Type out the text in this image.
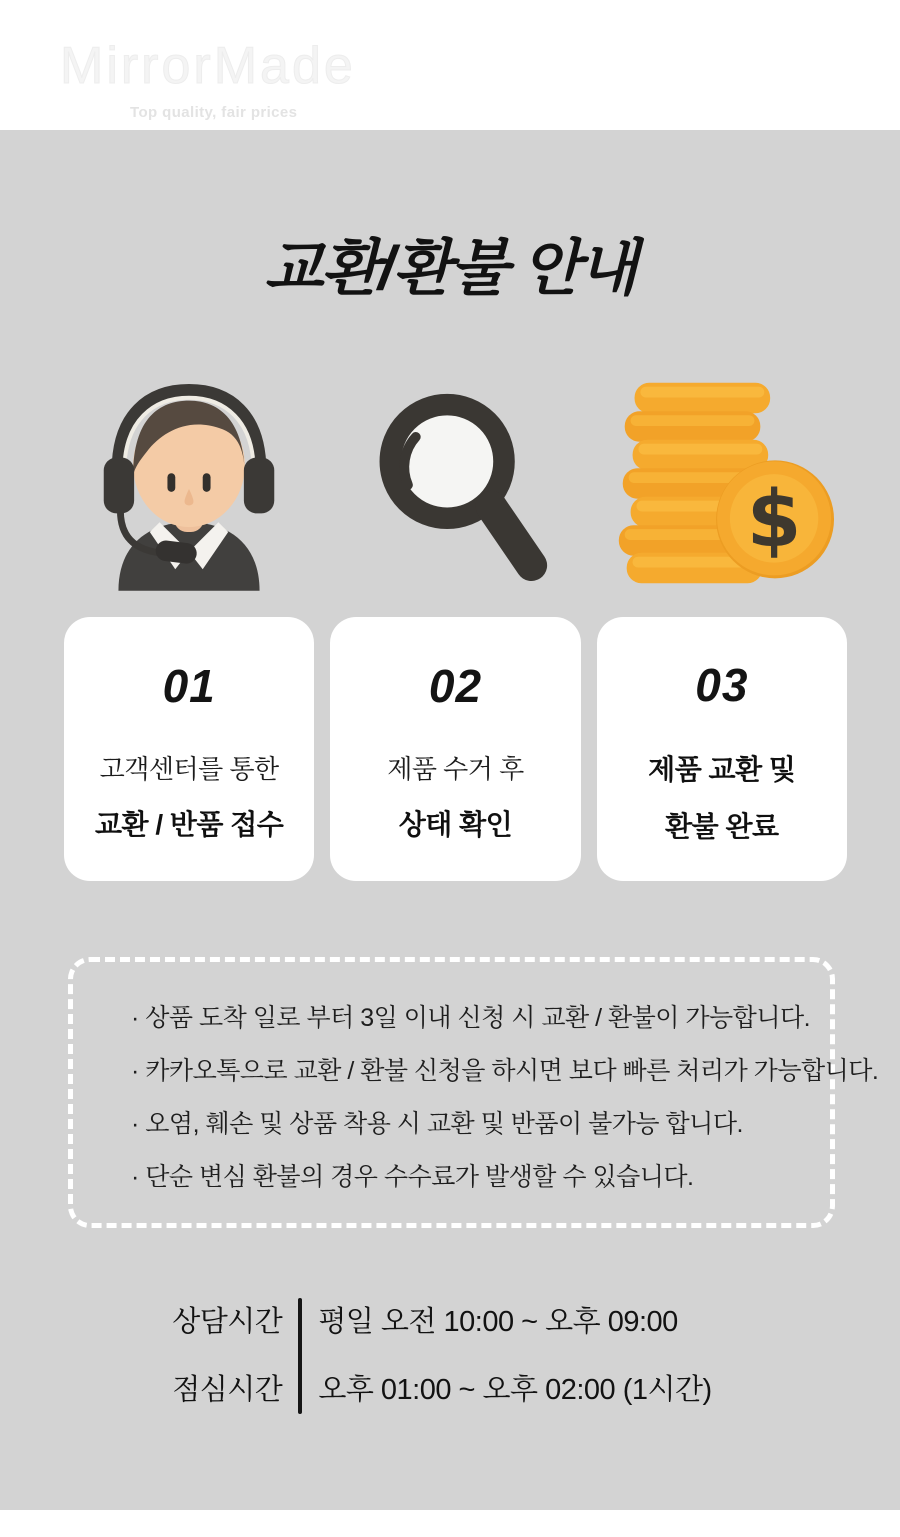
MirrorMade
Top quality, fair prices
교환/환불 안내
$
01
고객센터를 통한
교환 / 반품 접수
02
제품 수거 후
상태 확인
03
제품 교환 및
환불 완료

· 상품 도착 일로 부터 3일 이내 신청 시 교환 / 환불이 가능합니다.

· 카카오톡으로 교환 / 환불 신청을 하시면 보다 빠른 처리가 가능합니다.

· 오염, 훼손 및 상품 착용 시 교환 및 반품이 불가능 합니다.

· 단순 변심 환불의 경우 수수료가 발생할 수 있습니다.

상담시간
점심시간
평일 오전 10:00 ~ 오후 09:00
오후 01:00 ~ 오후 02:00 (1시간)
